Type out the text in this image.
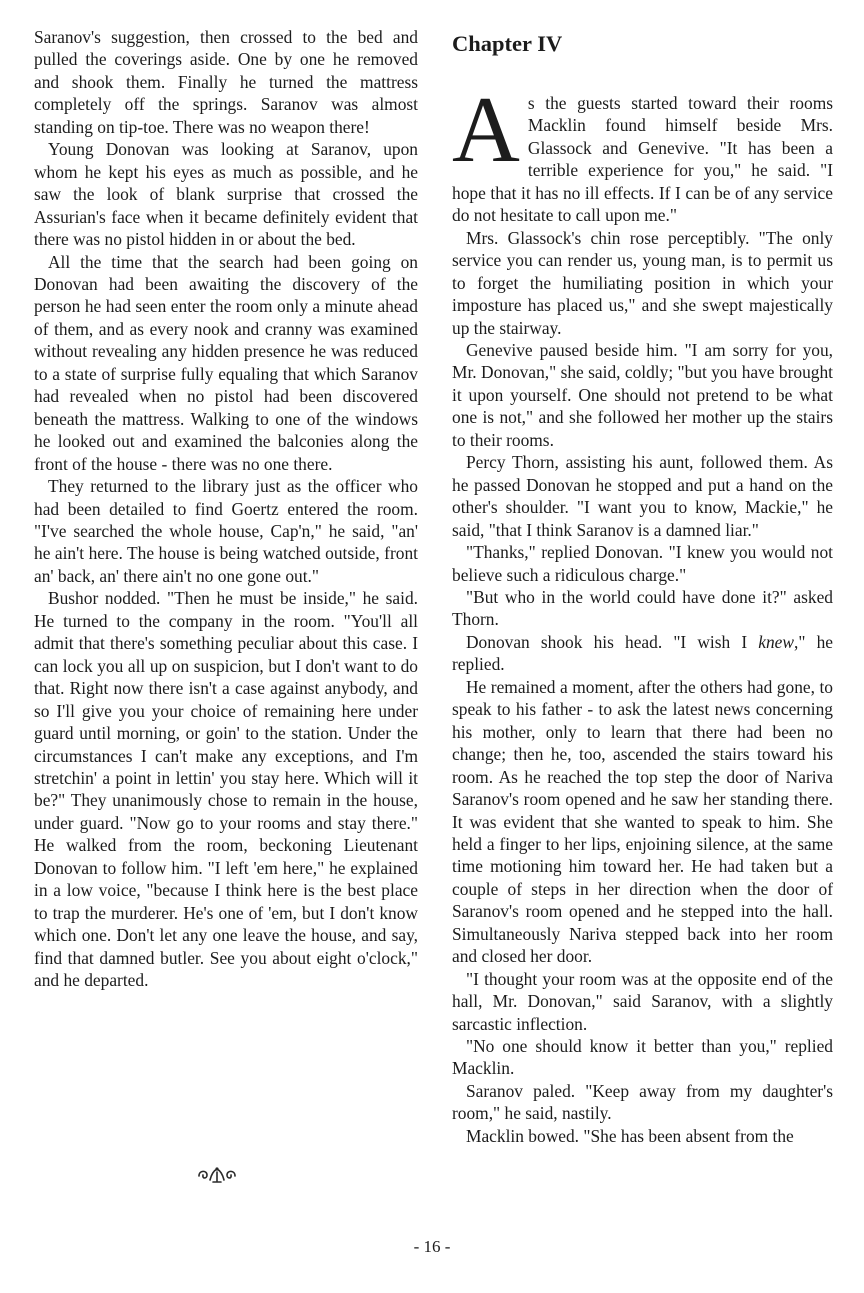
Saranov's suggestion, then crossed to the bed and pulled the coverings aside. One by one he removed and shook them. Finally he turned the mattress completely off the springs. Saranov was almost standing on tip-toe. There was no weapon there!

Young Donovan was looking at Saranov, upon whom he kept his eyes as much as possible, and he saw the look of blank surprise that crossed the Assurian's face when it became definitely evident that there was no pistol hidden in or about the bed.

All the time that the search had been going on Donovan had been awaiting the discovery of the person he had seen enter the room only a minute ahead of them, and as every nook and cranny was examined without revealing any hidden presence he was reduced to a state of surprise fully equaling that which Saranov had revealed when no pistol had been discovered beneath the mattress. Walking to one of the windows he looked out and examined the balconies along the front of the house - there was no one there.

They returned to the library just as the officer who had been detailed to find Goertz entered the room. "I've searched the whole house, Cap'n," he said, "an' he ain't here. The house is being watched outside, front an' back, an' there ain't no one gone out."

Bushor nodded. "Then he must be inside," he said. He turned to the company in the room. "You'll all admit that there's something peculiar about this case. I can lock you all up on suspicion, but I don't want to do that. Right now there isn't a case against anybody, and so I'll give you your choice of remaining here under guard until morning, or goin' to the station. Under the circumstances I can't make any exceptions, and I'm stretchin' a point in lettin' you stay here. Which will it be?" They unanimously chose to remain in the house, under guard. "Now go to your rooms and stay there." He walked from the room, beckoning Lieutenant Donovan to follow him. "I left 'em here," he explained in a low voice, "because I think here is the best place to trap the murderer. He's one of 'em, but I don't know which one. Don't let any one leave the house, and say, find that damned butler. See you about eight o'clock," and he departed.

Chapter IV

As the guests started toward their rooms Macklin found himself beside Mrs. Glassock and Genevive. "It has been a terrible experience for you," he said. "I hope that it has no ill effects. If I can be of any service do not hesitate to call upon me."

Mrs. Glassock's chin rose perceptibly. "The only service you can render us, young man, is to permit us to forget the humiliating position in which your imposture has placed us," and she swept majestically up the stairway.

Genevive paused beside him. "I am sorry for you, Mr. Donovan," she said, coldly; "but you have brought it upon yourself. One should not pretend to be what one is not," and she followed her mother up the stairs to their rooms.

Percy Thorn, assisting his aunt, followed them. As he passed Donovan he stopped and put a hand on the other's shoulder. "I want you to know, Mackie," he said, "that I think Saranov is a damned liar."

"Thanks," replied Donovan. "I knew you would not believe such a ridiculous charge."

"But who in the world could have done it?" asked Thorn.

Donovan shook his head. "I wish I knew," he replied.

He remained a moment, after the others had gone, to speak to his father - to ask the latest news concerning his mother, only to learn that there had been no change; then he, too, ascended the stairs toward his room. As he reached the top step the door of Nariva Saranov's room opened and he saw her standing there. It was evident that she wanted to speak to him. She held a finger to her lips, enjoining silence, at the same time motioning him toward her. He had taken but a couple of steps in her direction when the door of Saranov's room opened and he stepped into the hall. Simultaneously Nariva stepped back into her room and closed her door.

"I thought your room was at the opposite end of the hall, Mr. Donovan," said Saranov, with a slightly sarcastic inflection.

"No one should know it better than you," replied Macklin.

Saranov paled. "Keep away from my daughter's room," he said, nastily.

Macklin bowed. "She has been absent from the

- 16 -
